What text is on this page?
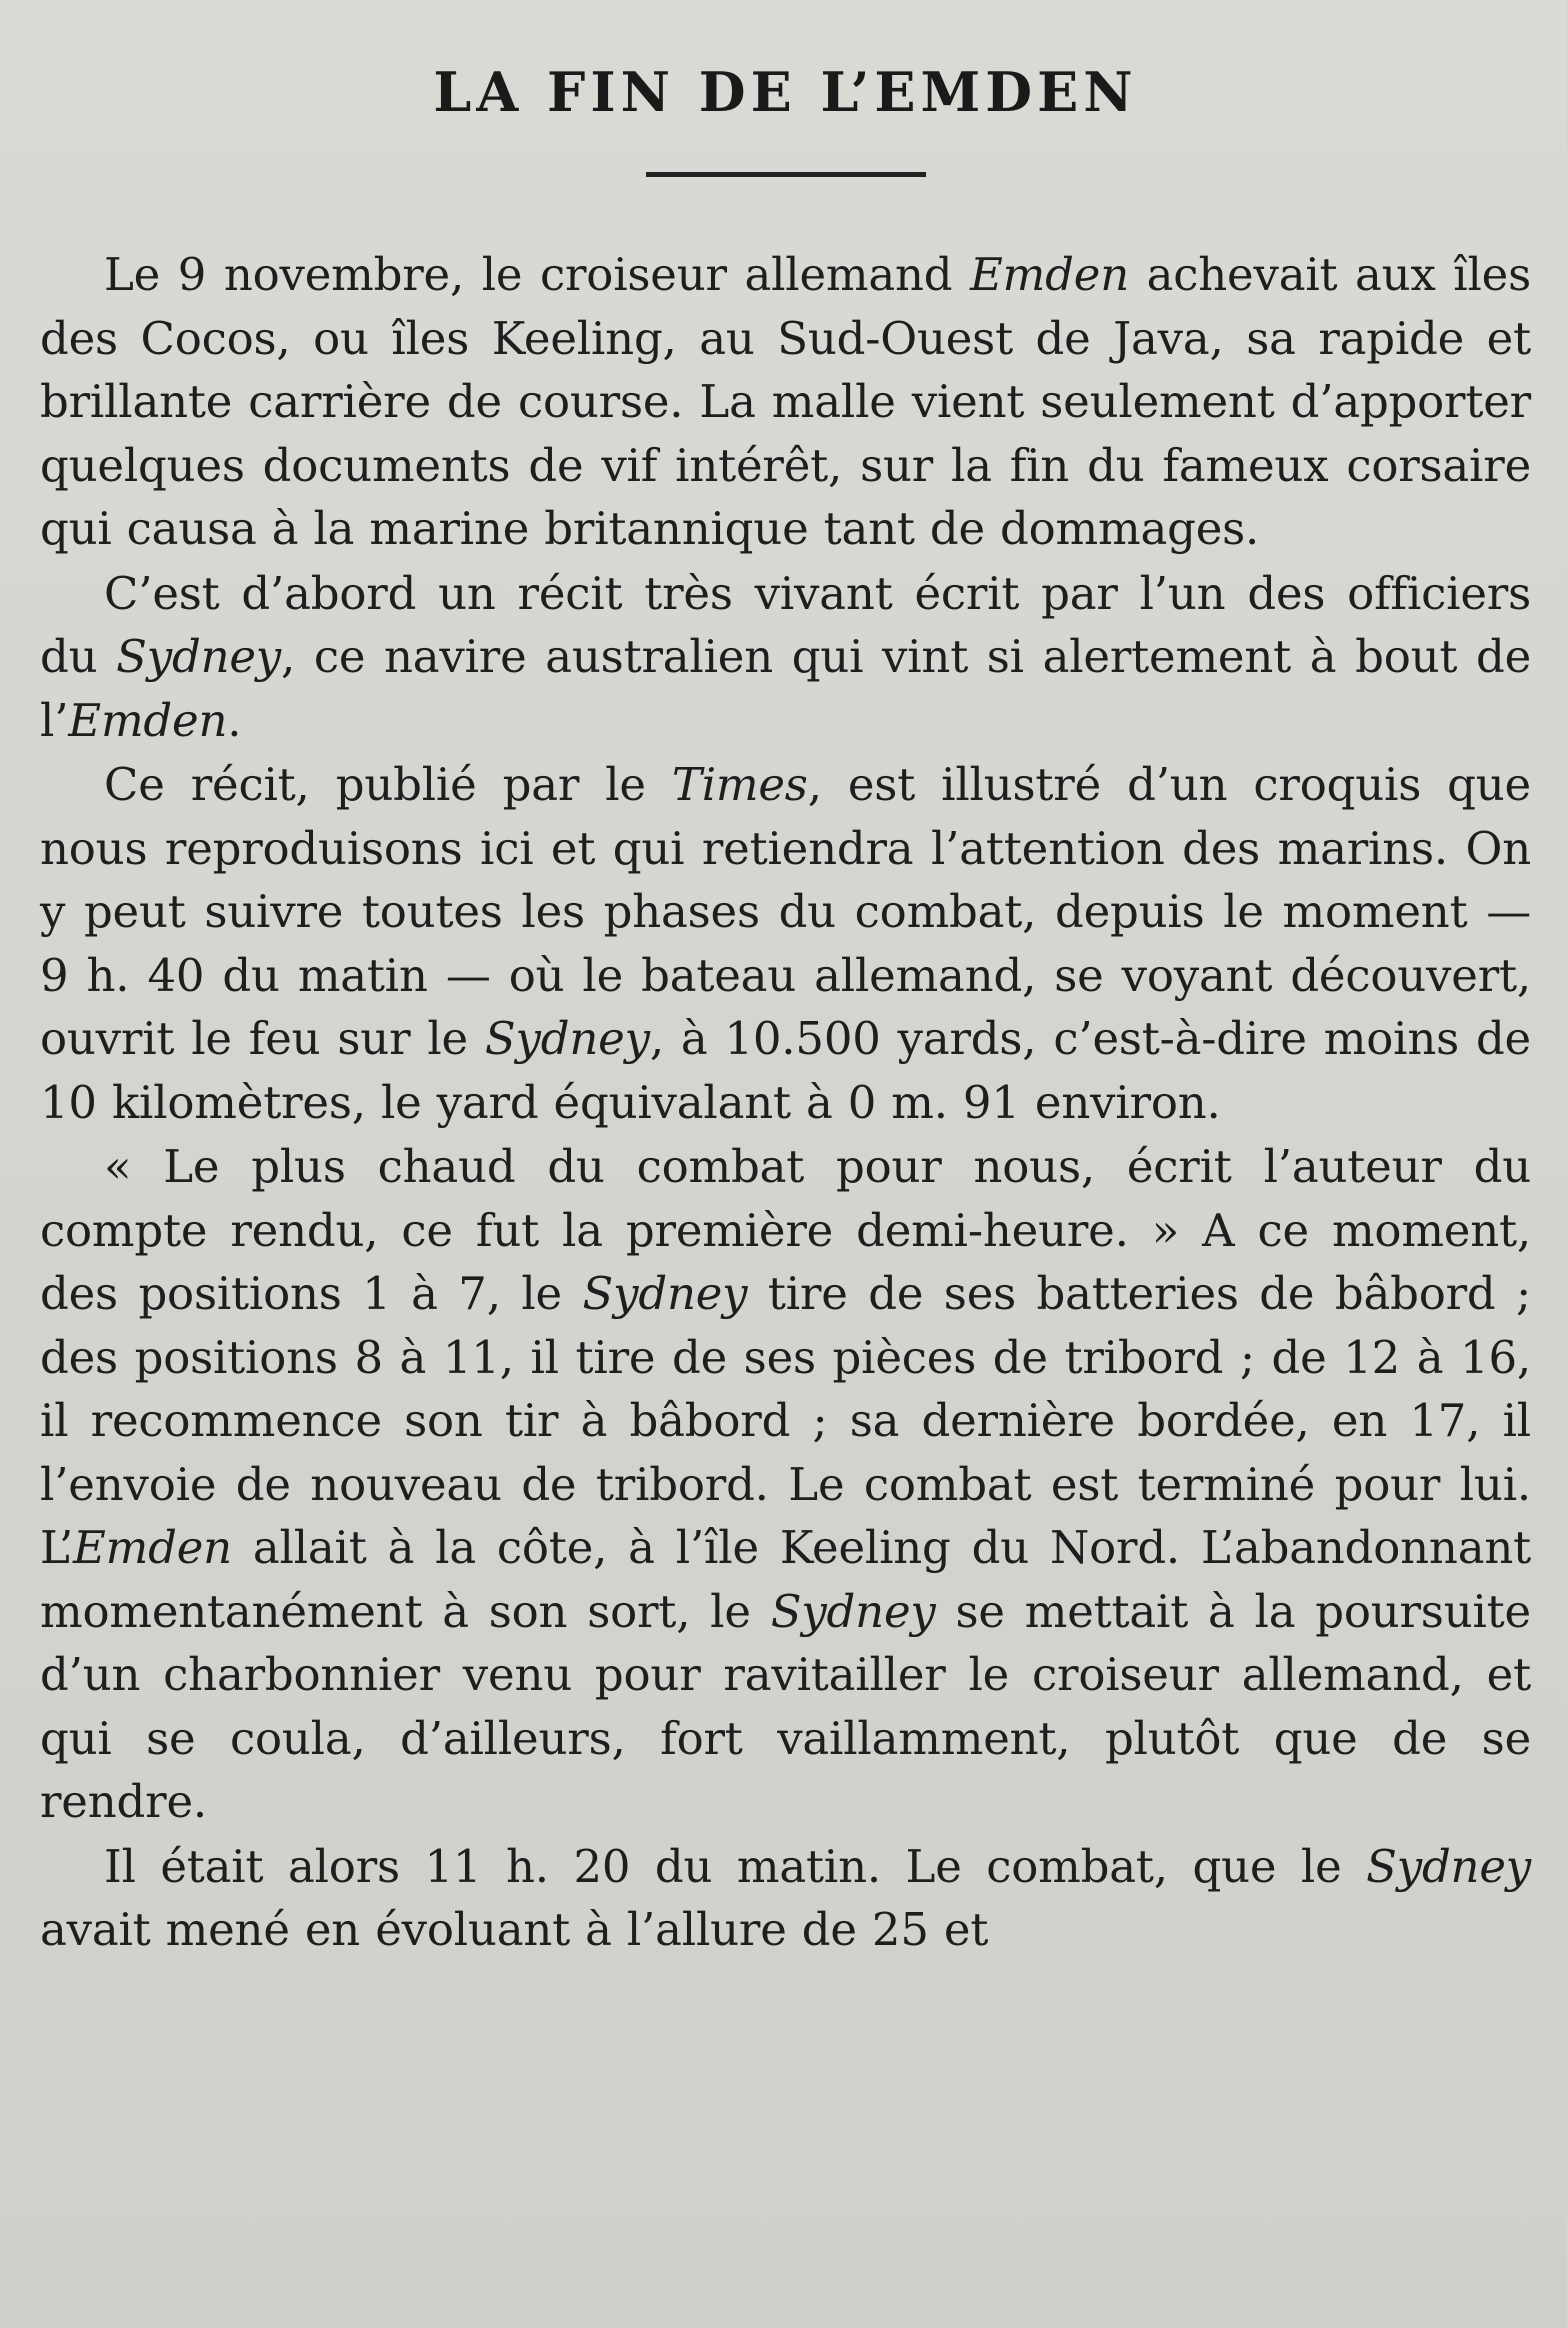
LA FIN DE L’EMDEN

Le 9 novembre, le croiseur allemand Emden achevait aux îles des Cocos, ou îles Keeling, au Sud-Ouest de Java, sa rapide et brillante carrière de course. La malle vient seulement d’apporter quelques documents de vif intérêt, sur la fin du fameux corsaire qui causa à la marine britannique tant de dommages.

C’est d’abord un récit très vivant écrit par l’un des officiers du Sydney, ce navire australien qui vint si alertement à bout de l’Emden.

Ce récit, publié par le Times, est illustré d’un croquis que nous reproduisons ici et qui retiendra l’attention des marins. On y peut suivre toutes les phases du combat, depuis le moment — 9 h. 40 du matin — où le bateau allemand, se voyant découvert, ouvrit le feu sur le Sydney, à 10.500 yards, c’est-à-dire moins de 10 kilomètres, le yard équivalant à 0 m. 91 environ.

« Le plus chaud du combat pour nous, écrit l’auteur du compte rendu, ce fut la première demi-heure. » A ce moment, des positions 1 à 7, le Sydney tire de ses batteries de bâbord ; des positions 8 à 11, il tire de ses pièces de tribord ; de 12 à 16, il recommence son tir à bâbord ; sa dernière bordée, en 17, il l’envoie de nouveau de tribord. Le combat est terminé pour lui. L’Emden allait à la côte, à l’île Keeling du Nord. L’abandonnant momentanément à son sort, le Sydney se mettait à la poursuite d’un charbonnier venu pour ravitailler le croiseur allemand, et qui se coula, d’ailleurs, fort vaillamment, plutôt que de se rendre.

Il était alors 11 h. 20 du matin. Le combat, que le Sydney avait mené en évoluant à l’allure de 25 et
